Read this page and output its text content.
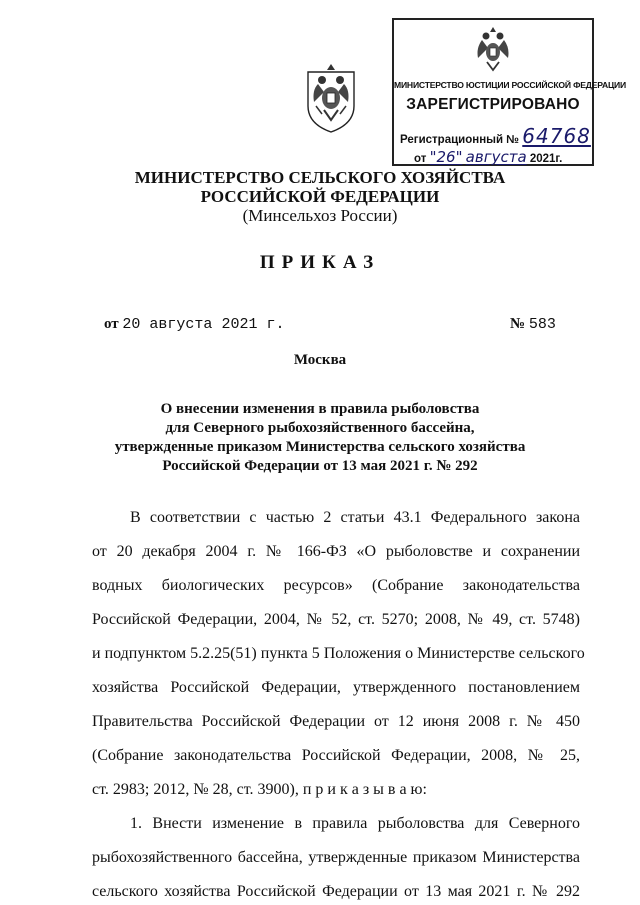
МИНИСТЕРСТВО ЮСТИЦИИ РОССИЙСКОЙ ФЕДЕРАЦИИ
ЗАРЕГИСТРИРОВАНО
Регистрационный № 64768
от "26" августа 2021г.
МИНИСТЕРСТВО СЕЛЬСКОГО ХОЗЯЙСТВА
РОССИЙСКОЙ ФЕДЕРАЦИИ
(Минсельхоз России)
ПРИКАЗ
от 20 августа 2021 г.	№ 583
Москва
О внесении изменения в правила рыболовства
для Северного рыбохозяйственного бассейна,
утвержденные приказом Министерства сельского хозяйства
Российской Федерации от 13 мая 2021 г. № 292
В соответствии с частью 2 статьи 43.1 Федерального закона
от 20 декабря 2004 г. № 166-ФЗ «О рыболовстве и сохранении
водных биологических ресурсов» (Собрание законодательства
Российской Федерации, 2004, № 52, ст. 5270; 2008, № 49, ст. 5748)
и подпунктом 5.2.25(51) пункта 5 Положения о Министерстве сельского
хозяйства Российской Федерации, утвержденного постановлением
Правительства Российской Федерации от 12 июня 2008 г. № 450
(Собрание законодательства Российской Федерации, 2008, № 25,
ст. 2983; 2012, № 28, ст. 3900), п р и к а з ы в а ю:
1. Внести изменение в правила рыболовства для Северного
рыбохозяйственного бассейна, утвержденные приказом Министерства
сельского хозяйства Российской Федерации от 13 мая 2021 г. № 292
